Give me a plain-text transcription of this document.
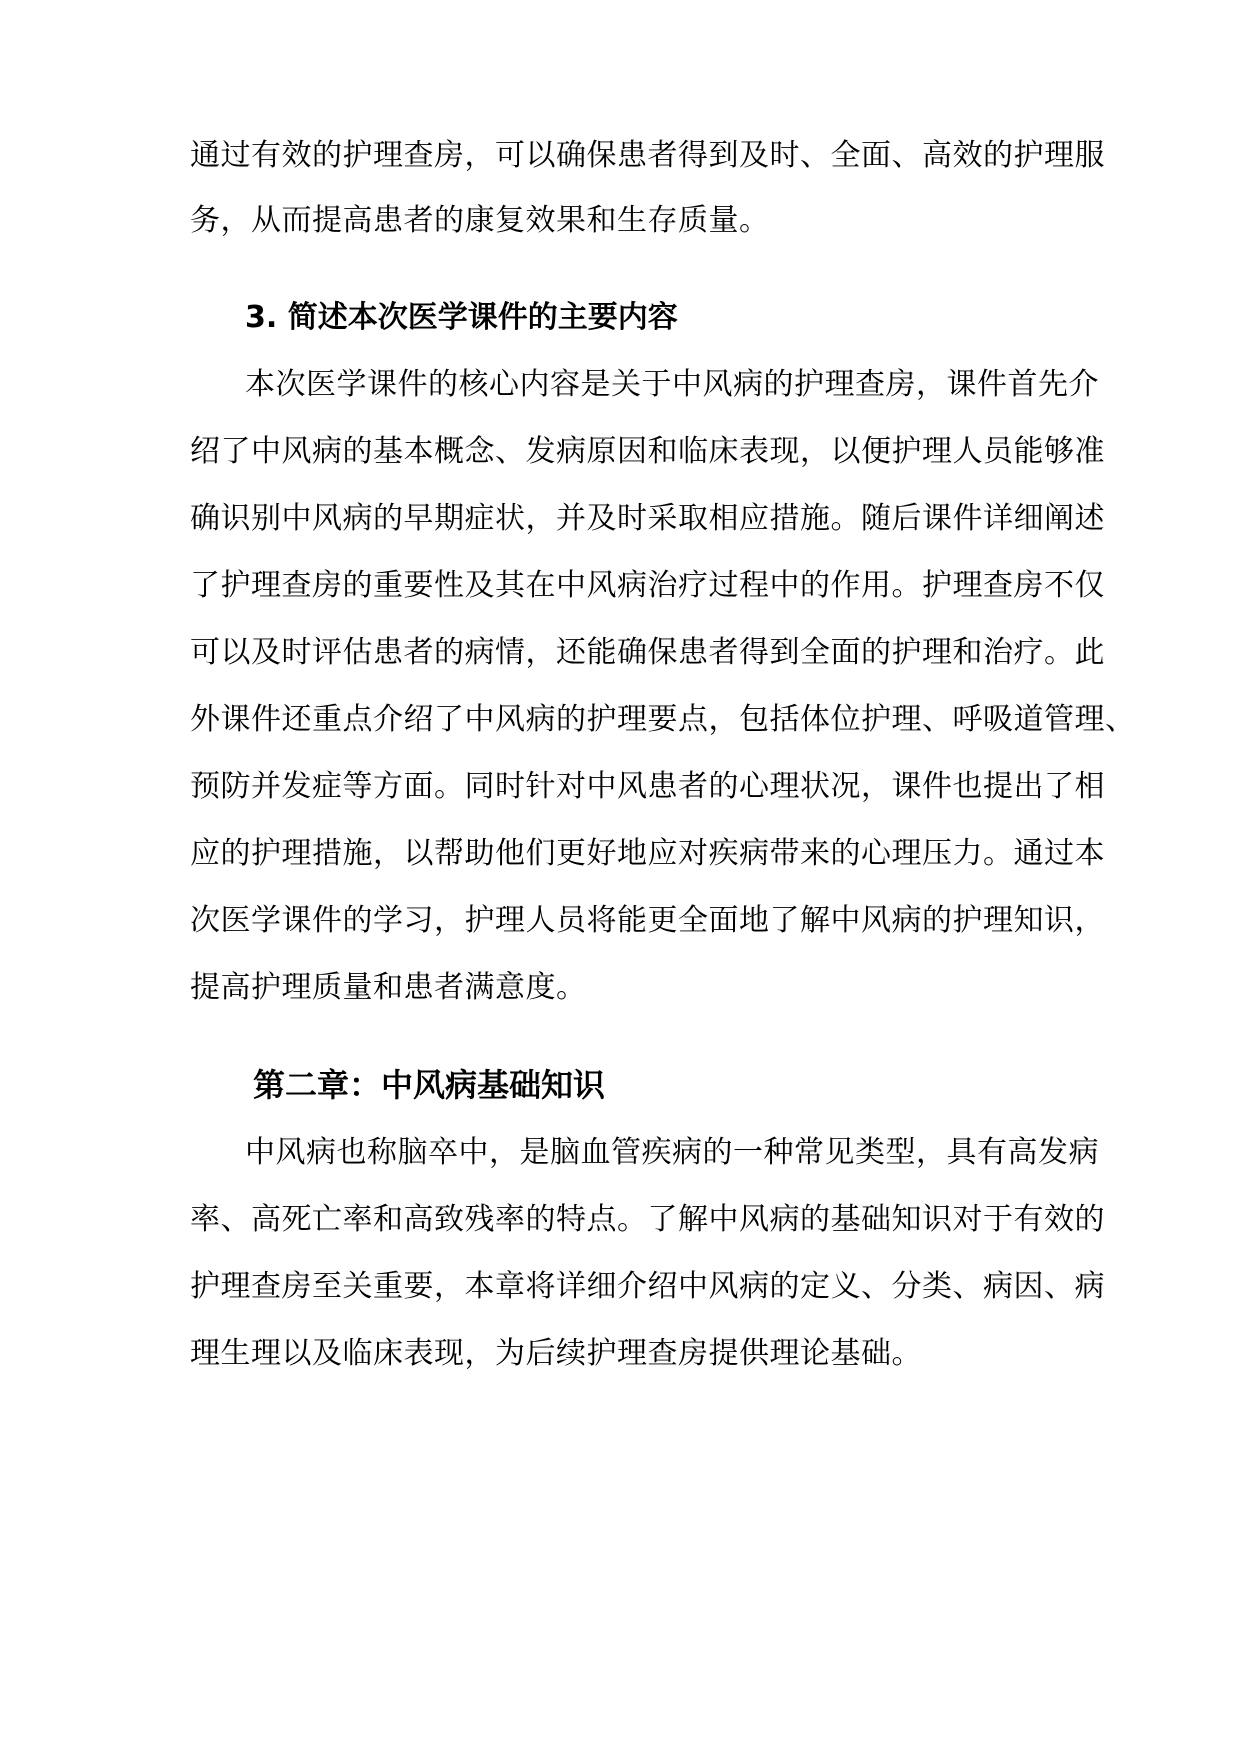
通过有效的护理查房，可以确保患者得到及时、全面、高效的护理服
务，从而提高患者的康复效果和生存质量。
3. 简述本次医学课件的主要内容
本次医学课件的核心内容是关于中风病的护理查房，课件首先介
绍了中风病的基本概念、发病原因和临床表现，以便护理人员能够准
确识别中风病的早期症状，并及时采取相应措施。随后课件详细阐述
了护理查房的重要性及其在中风病治疗过程中的作用。护理查房不仅
可以及时评估患者的病情，还能确保患者得到全面的护理和治疗。此
外课件还重点介绍了中风病的护理要点，包括体位护理、呼吸道管理、
预防并发症等方面。同时针对中风患者的心理状况，课件也提出了相
应的护理措施，以帮助他们更好地应对疾病带来的心理压力。通过本
次医学课件的学习，护理人员将能更全面地了解中风病的护理知识，
提高护理质量和患者满意度。
第二章：中风病基础知识
中风病也称脑卒中，是脑血管疾病的一种常见类型，具有高发病
率、高死亡率和高致残率的特点。了解中风病的基础知识对于有效的
护理查房至关重要，本章将详细介绍中风病的定义、分类、病因、病
理生理以及临床表现，为后续护理查房提供理论基础。
